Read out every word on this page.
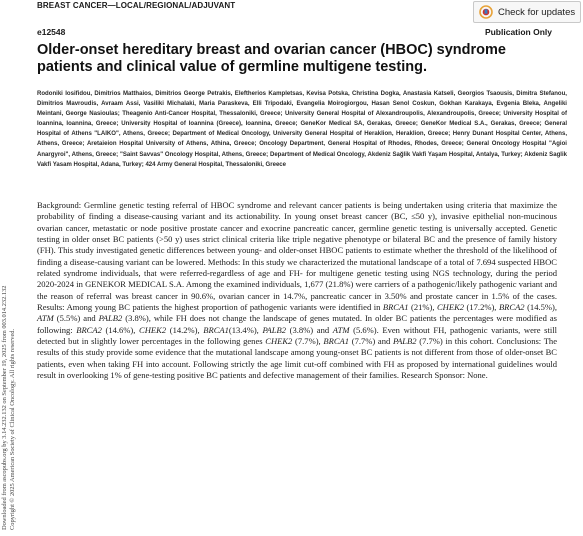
BREAST CANCER—LOCAL/REGIONAL/ADJUVANT
Check for updates
e12548	Publication Only
Older-onset hereditary breast and ovarian cancer (HBOC) syndrome patients and clinical value of germline multigene testing.

Rodoniki Iosifidou, Dimitrios Matthaios, Dimitrios George Petrakis, Eleftherios Kampletsas, Kevisa Potska, Christina Dogka, Anastasia Katseli, Georgios Tsaousis, Dimitra Stefanou, Dimitrios Mavroudis, Avraam Assi, Vasiliki Michalaki, Maria Paraskeva, Elli Tripodaki, Evangelia Moirogiorgou, Hasan Senol Coskun, Gokhan Karakaya, Evgenia Bleka, Angeliki Meintani, George Nasioulas; Theagenio Anti-Cancer Hospital, Thessaloniki, Greece; University General Hospital of Alexandroupolis, Alexandroupolis, Greece; University Hospital of Ioannina, Ioannina, Greece; University Hospital of Ioannina (Greece), Ioannina, Greece; GeneKor Medical SA, Gerakas, Greece; GeneKor Medical S.A., Gerakas, Greece; General Hospital of Athens "LAIKO", Athens, Greece; Department of Medical Oncology, University General Hospital of Heraklion, Heraklion, Greece; Henry Dunant Hospital Center, Athens, Athens, Greece; Aretaieion Hospital University of Athens, Athina, Greece; Oncology Department, General Hospital of Rhodes, Rhodes, Greece; General Oncology Hospital "Agioi Anargyroi", Athens, Greece; "Saint Savvas" Oncology Hospital, Athens, Greece; Department of Medical Oncology, Akdeniz Sağlik Vakfi Yaşam Hospital, Antalya, Turkey; Akdeniz Saglik Vakfi Yasam Hospital, Adana, Turkey; 424 Army General Hospital, Thessaloniki, Greece

Background: Germline genetic testing referral of HBOC syndrome and relevant cancer patients is being undertaken using criteria that maximize the probability of finding a disease-causing variant and its actionability. In young onset breast cancer (BC, ≤50 y), invasive epithelial non-mucinous ovarian cancer, metastatic or node positive prostate cancer and exocrine pancreatic cancer, germline genetic testing is universally accepted. Genetic testing in older onset BC patients (>50 y) uses strict clinical criteria like triple negative phenotype or bilateral BC and the presence of family history (FH). This study investigated genetic differences between young- and older-onset HBOC patients to estimate whether the threshold of the likelihood of finding a disease-causing variant can be lowered. Methods: In this study we characterized the mutational landscape of a total of 7.694 suspected HBOC related syndrome individuals, that were referred-regardless of age and FH- for multigene genetic testing using NGS technology, during the period 2020-2024 in GENEKOR MEDICAL S.A. Among the examined individuals, 1,677 (21.8%) were carriers of a pathogenic/likely pathogenic variant and the reason of referral was breast cancer in 90.6%, ovarian cancer in 14.7%, pancreatic cancer in 3.50% and prostate cancer in 1.5% of the cases. Results: Among young BC patients the highest proportion of pathogenic variants were identified in BRCA1 (21%), CHEK2 (17.2%), BRCA2 (14.5%), ATM (5.5%) and PALB2 (3.8%), while FH does not change the landscape of genes mutated. In older BC patients the percentages were modified as following: BRCA2 (14.6%), CHEK2 (14.2%), BRCA1(13.4%), PALB2 (3.8%) and ATM (5.6%). Even without FH, pathogenic variants, were still detected but in slightly lower percentages in the following genes CHEK2 (7.7%), BRCA1 (7.7%) and PALB2 (7.7%) in this cohort. Conclusions: The results of this study provide some evidence that the mutational landscape among young-onset BC patients is not different from those of older-onset BC patients, even when taking FH into account. Following strictly the age limit cut-off combined with FH as proposed by international guidelines would result in overlooking 1% of gene-testing positive BC patients and defective management of their families. Research Sponsor: None.

Downloaded from ascopubs.org by 3.14.232.132 on September 19, 2025 from 003.014.232.132 Copyright © 2025 American Society of Clinical Oncology. All rights reserved.
